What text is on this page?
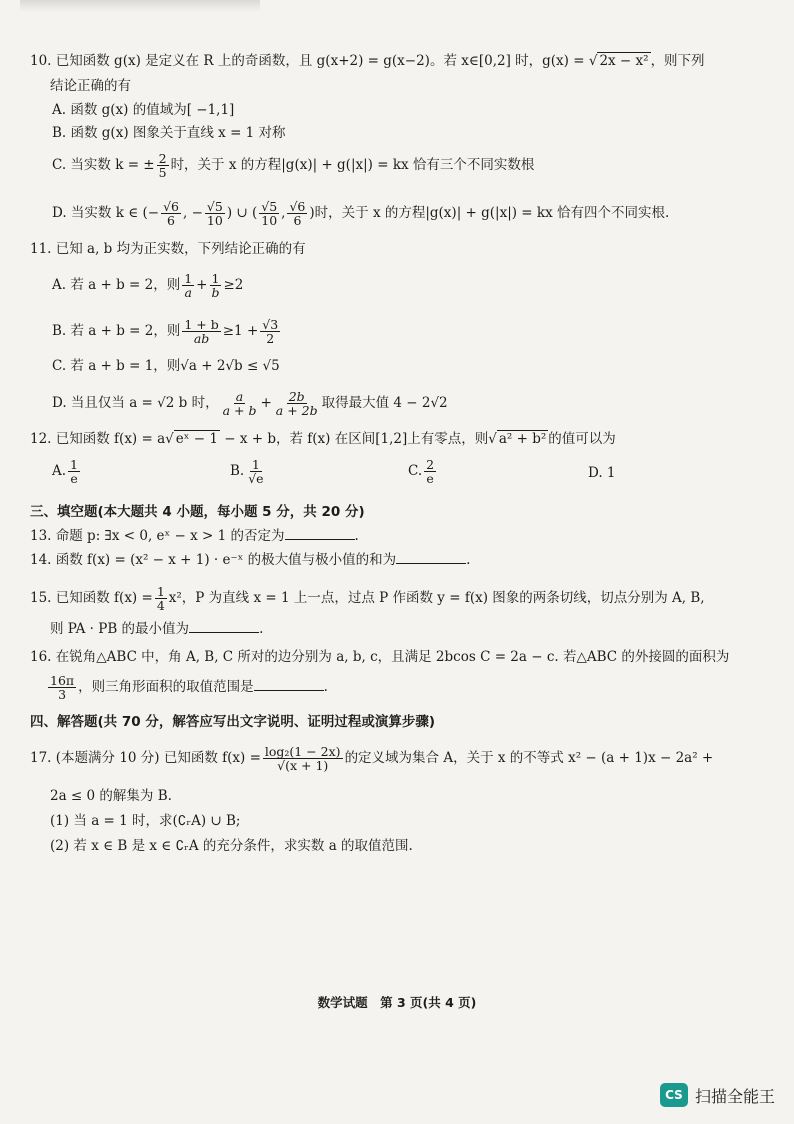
10. 已知函数 g(x) 是定义在 R 上的奇函数，且 g(x+2) = g(x−2)。若 x∈[0,2] 时，g(x) = √ 2x − x² ，则下列
结论正确的有
A. 函数 g(x) 的值域为[ −1,1]
B. 函数 g(x) 图象关于直线 x = 1 对称
C. 当实数 k = ± $\frac{2}{5}$ 时，关于 x 的方程|g(x)| + g(|x|) = kx 恰有三个不同实数根
D. 当实数 k ∈ (− $\frac{√6}{6}$ , − $\frac{√5}{10}$ ) ∪ ( $\frac{√5}{10}$ , $\frac{√6}{6}$ )时，关于 x 的方程|g(x)| + g(|x|) = kx 恰有四个不同实根.
11. 已知 a, b 均为正实数，下列结论正确的有
A. 若 a + b = 2，则 $\frac{1}{a} + \frac{1}{b} \ge 2$
B. 若 a + b = 2，则 $\frac{1 + b}{ab} \ge 1 + \frac{√3}{2}$
C. 若 a + b = 1，则√a + 2√b ≤ √5
D. 当且仅当 a = √2 b 时， $\frac{a}{a + b} + \frac{2b}{a + 2b}$ 取得最大值 4 − 2√2
12. 已知函数 f(x) = a√ eˣ − 1 − x + b，若 f(x) 在区间[1,2]上有零点，则√ a² + b² 的值可以为
A. $\frac{1}{e}$	B. $\frac{1}{√e}$	C. $\frac{2}{e}$	D. 1
三、填空题(本大题共 4 小题，每小题 5 分，共 20 分)
13. 命题 p: ∃x < 0, eˣ − x > 1 的否定为	.
14. 函数 f(x) = (x² − x + 1) · e⁻ˣ 的极大值与极小值的和为	.
15. 已知函数 $f(x) = \frac{1}{4} x^2$，P 为直线 x = 1 上一点，过点 P 作函数 y = f(x) 图象的两条切线，切点分别为 A, B,
则 PA · PB 的最小值为	.
16. 在锐角△ABC 中，角 A, B, C 所对的边分别为 a, b, c，且满足 2bcos C = 2a − c. 若△ABC 的外接圆的面积为
$\frac{16\pi}{3}$ ，则三角形面积的取值范围是	.
四、解答题(共 70 分，解答应写出文字说明、证明过程或演算步骤)
17. (本题满分 10 分) 已知函数 $f(x) = \frac{\text{log₂(1 − 2x)}}{√(x + 1)}$ 的定义域为集合 A，关于 x 的不等式 x² − (a + 1)x − 2a² +
2a ≤ 0 的解集为 B.
(1) 当 a = 1 时，求(∁ᵣA) ∪ B;
(2) 若 x ∈ B 是 x ∈ ∁ᵣA 的充分条件，求实数 a 的取值范围.
数学试题　第 3 页(共 4 页)
CS 扫描全能王
